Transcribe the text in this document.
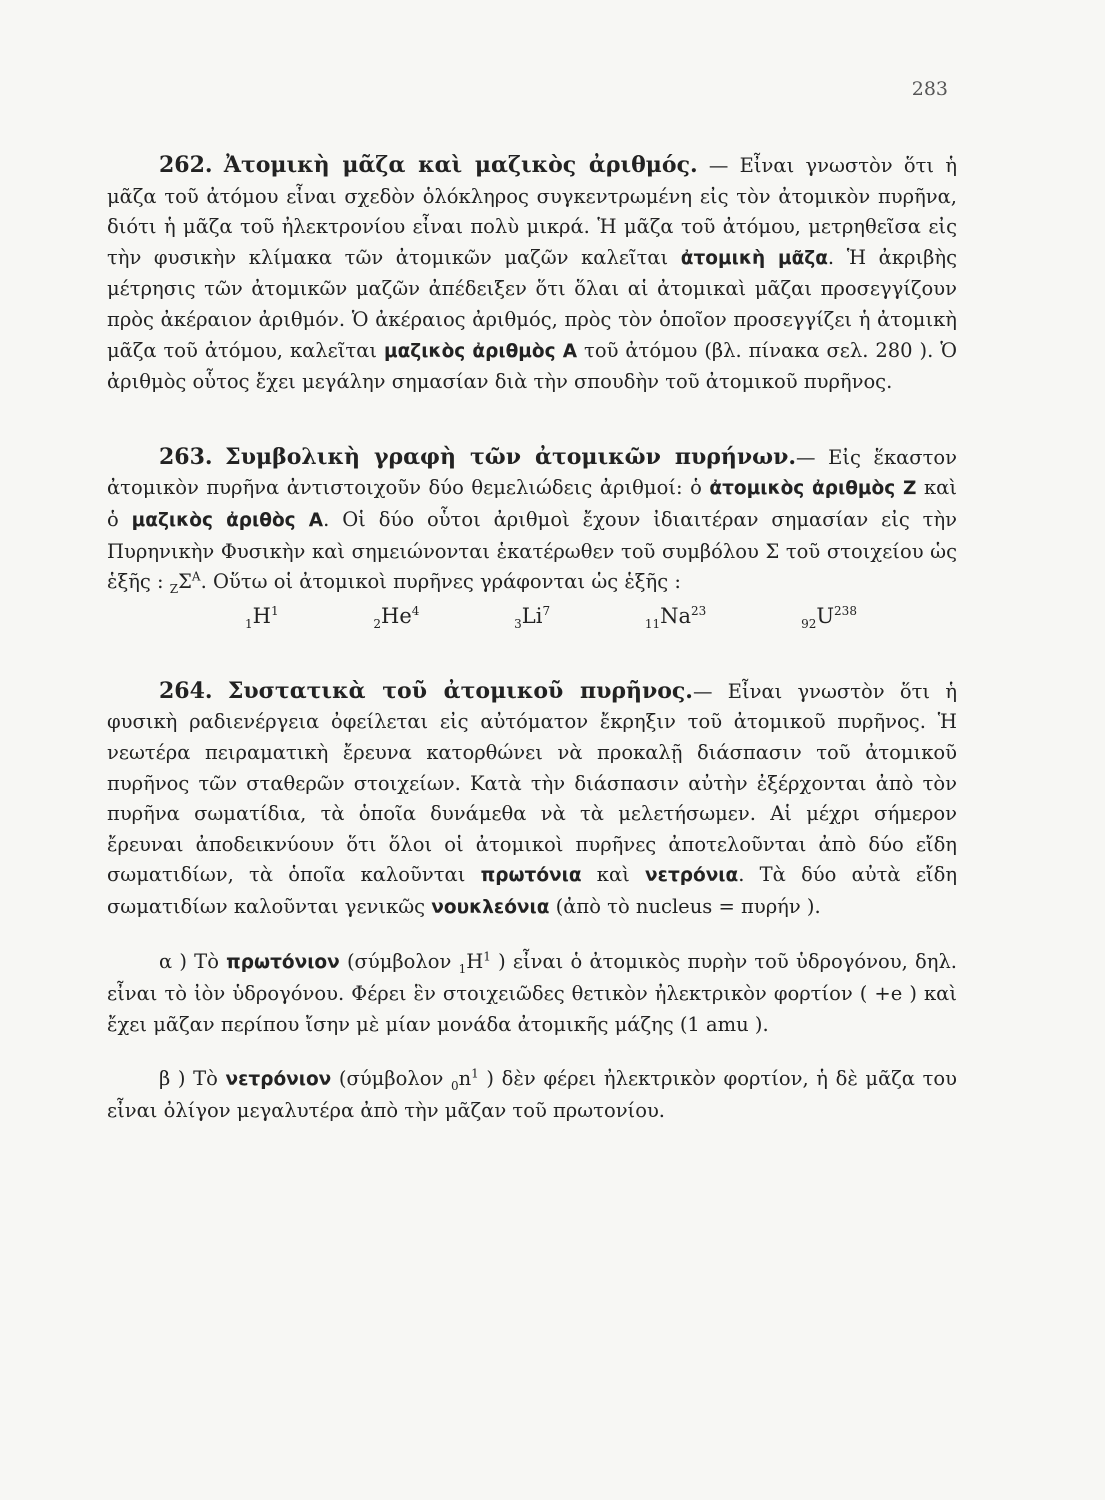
283

262. Ἀτομικὴ μᾶζα καὶ μαζικὸς ἀριθμός. — Εἶναι γνωστὸν ὅτι ἡ μᾶζα τοῦ ἀτόμου εἶναι σχεδὸν ὁλόκληρος συγκεντρωμένη εἰς τὸν ἀτομικὸν πυρῆνα, διότι ἡ μᾶζα τοῦ ἠλεκτρονίου εἶναι πολὺ μικρά. Ἡ μᾶζα τοῦ ἀτόμου, μετρηθεῖσα εἰς τὴν φυσικὴν κλίμακα τῶν ἀτομικῶν μαζῶν καλεῖται ἀτομικὴ μᾶζα. Ἡ ἀκριβὴς μέτρησις τῶν ἀτομικῶν μαζῶν ἀπέδειξεν ὅτι ὅλαι αἱ ἀτομικαὶ μᾶζαι προσεγγίζουν πρὸς ἀκέραιον ἀριθμόν. Ὁ ἀκέραιος ἀριθμός, πρὸς τὸν ὁποῖον προσεγγίζει ἡ ἀτομικὴ μᾶζα τοῦ ἀτόμου, καλεῖται μαζικὸς ἀριθμὸς Α τοῦ ἀτόμου (βλ. πίνακα σελ. 280 ). Ὁ ἀριθμὸς οὗτος ἔχει μεγάλην σημασίαν διὰ τὴν σπουδὴν τοῦ ἀτομικοῦ πυρῆνος.

263. Συμβολικὴ γραφὴ τῶν ἀτομικῶν πυρήνων.— Εἰς ἕκαστον ἀτομικὸν πυρῆνα ἀντιστοιχοῦν δύο θεμελιώδεις ἀριθμοί: ὁ ἀτομικὸς ἀριθμὸς Ζ καὶ ὁ μαζικὸς ἀριθὸς Α. Οἱ δύο οὗτοι ἀριθμοὶ ἔχουν ἰδιαιτέραν σημασίαν εἰς τὴν Πυρηνικὴν Φυσικὴν καὶ σημειώνονται ἑκατέρωθεν τοῦ συμβόλου Σ τοῦ στοιχείου ὡς ἑξῆς : $_Z\Sigma^A$. Οὕτω οἱ ἀτομικοὶ πυρῆνες γράφονται ὡς ἑξῆς :

$_1H^1$
$_2He^4$
$_3Li^7$
$_{11}Na^{23}$
$_{92}U^{238}$

264. Συστατικὰ τοῦ ἀτομικοῦ πυρῆνος.— Εἶναι γνωστὸν ὅτι ἡ φυσικὴ ραδιενέργεια ὀφείλεται εἰς αὐτόματον ἔκρηξιν τοῦ ἀτομικοῦ πυρῆνος. Ἡ νεωτέρα πειραματικὴ ἔρευνα κατορθώνει νὰ προκαλῇ διάσπασιν τοῦ ἀτομικοῦ πυρῆνος τῶν σταθερῶν στοιχείων. Κατὰ τὴν διάσπασιν αὐτὴν ἐξέρχονται ἀπὸ τὸν πυρῆνα σωματίδια, τὰ ὁποῖα δυνάμεθα νὰ τὰ μελετήσωμεν. Αἱ μέχρι σήμερον ἔρευναι ἀποδεικνύουν ὅτι ὅλοι οἱ ἀτομικοὶ πυρῆνες ἀποτελοῦνται ἀπὸ δύο εἴδη σωματιδίων, τὰ ὁποῖα καλοῦνται πρωτόνια καὶ νετρόνια. Τὰ δύο αὐτὰ εἴδη σωματιδίων καλοῦνται γενικῶς νουκλεόνια (ἀπὸ τὸ nucleus = πυρήν ).

α ) Τὸ πρωτόνιον (σύμβολον $_1H^1$ ) εἶναι ὁ ἀτομικὸς πυρὴν τοῦ ὑδρογόνου, δηλ. εἶναι τὸ ἰὸν ὑδρογόνου. Φέρει ἓν στοιχειῶδες θετικὸν ἠλεκτρικὸν φορτίον ( +e ) καὶ ἔχει μᾶζαν περίπου ἴσην μὲ μίαν μονάδα ἀτομικῆς μάζης (1 amu ).

β ) Τὸ νετρόνιον (σύμβολον $_0n^1$ ) δὲν φέρει ἠλεκτρικὸν φορτίον, ἡ δὲ μᾶζα του εἶναι ὀλίγον μεγαλυτέρα ἀπὸ τὴν μᾶζαν τοῦ πρωτονίου.
